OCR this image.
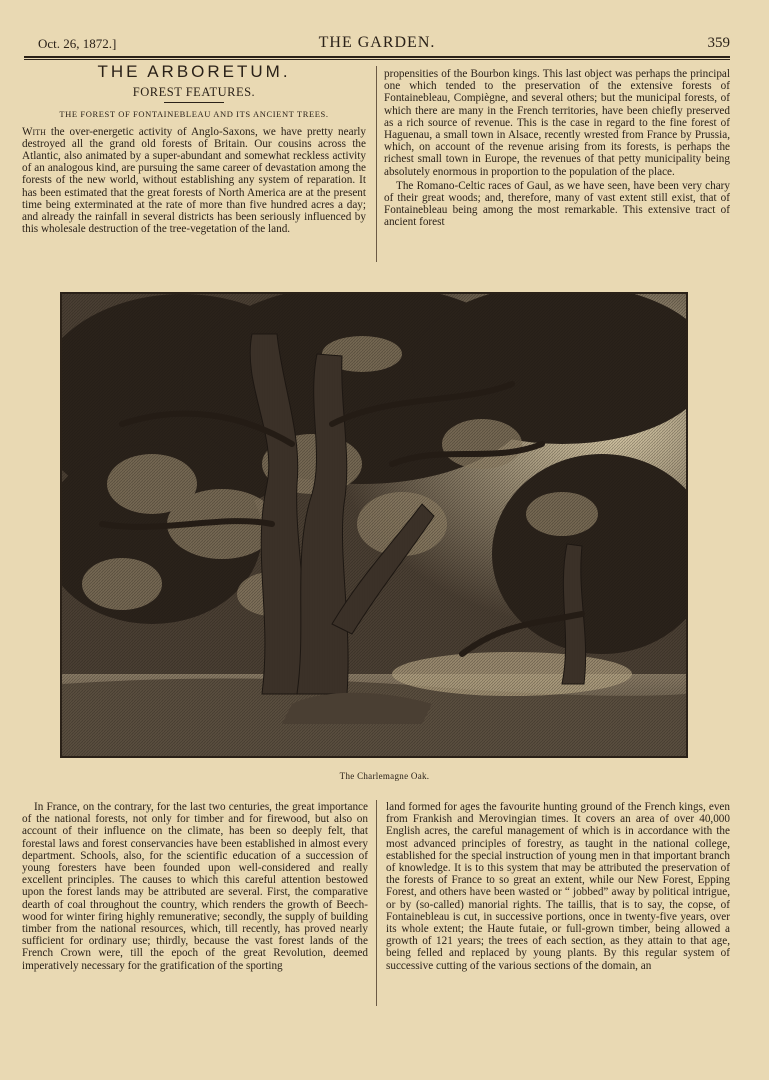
Oct. 26, 1872.]	THE GARDEN.	359
THE ARBORETUM.
FOREST FEATURES.
THE FOREST OF FONTAINEBLEAU AND ITS ANCIENT TREES.

With the over-energetic activity of Anglo-Saxons, we have pretty nearly destroyed all the grand old forests of Britain. Our cousins across the Atlantic, also animated by a super-abundant and somewhat reckless activity of an analogous kind, are pursuing the same career of devastation among the forests of the new world, without establishing any system of reparation. It has been estimated that the great forests of North America are at the present time being exterminated at the rate of more than five hundred acres a day; and already the rainfall in several districts has been seriously influenced by this wholesale destruction of the tree-vegetation of the land.

propensities of the Bourbon kings. This last object was perhaps the principal one which tended to the preservation of the extensive forests of Fontainebleau, Compiègne, and several others; but the municipal forests, of which there are many in the French territories, have been chiefly preserved as a rich source of revenue. This is the case in regard to the fine forest of Haguenau, a small town in Alsace, recently wrested from France by Prussia, which, on account of the revenue arising from its forests, is perhaps the richest small town in Europe, the revenues of that petty municipality being absolutely enormous in proportion to the population of the place.

The Romano-Celtic races of Gaul, as we have seen, have been very chary of their great woods; and, therefore, many of vast extent still exist, that of Fontainebleau being among the most remarkable. This extensive tract of ancient forest

The Charlemagne Oak.

In France, on the contrary, for the last two centuries, the great importance of the national forests, not only for timber and for firewood, but also on account of their influence on the climate, has been so deeply felt, that forestal laws and forest conservancies have been established in almost every department. Schools, also, for the scientific education of a succession of young foresters have been founded upon well-considered and really excellent principles. The causes to which this careful attention bestowed upon the forest lands may be attributed are several. First, the comparative dearth of coal throughout the country, which renders the growth of Beech-wood for winter firing highly remunerative; secondly, the supply of building timber from the national resources, which, till recently, has proved nearly sufficient for ordinary use; thirdly, because the vast forest lands of the French Crown were, till the epoch of the great Revolution, deemed imperatively necessary for the gratification of the sporting

land formed for ages the favourite hunting ground of the French kings, even from Frankish and Merovingian times. It covers an area of over 40,000 English acres, the careful management of which is in accordance with the most advanced principles of forestry, as taught in the national college, established for the special instruction of young men in that important branch of knowledge. It is to this system that may be attributed the preservation of the forests of France to so great an extent, while our New Forest, Epping Forest, and others have been wasted or “ jobbed” away by political intrigue, or by (so-called) manorial rights. The taillis, that is to say, the copse, of Fontainebleau is cut, in successive portions, once in twenty-five years, over its whole extent; the Haute futaie, or full-grown timber, being allowed a growth of 121 years; the trees of each section, as they attain to that age, being felled and replaced by young plants. By this regular system of successive cutting of the various sections of the domain, an
